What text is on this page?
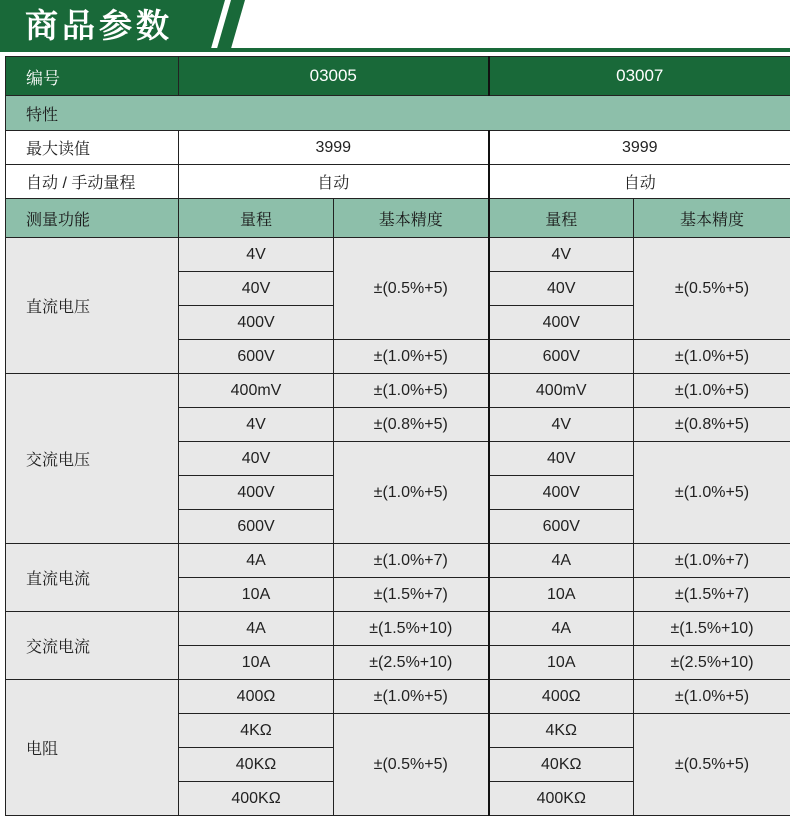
商品参数
编号	03005		03007	
特性				
最大读值	3999		3999	
自动 / 手动量程	自动		自动	
测量功能	量程	基本精度	量程	基本精度
直流电压	4V	±(0.5%+5)	4V	±(0.5%+5)
	40V		40V	
	400V		400V	
	600V	±(1.0%+5)	600V	±(1.0%+5)
交流电压	400mV	±(1.0%+5)	400mV	±(1.0%+5)
	4V	±(0.8%+5)	4V	±(0.8%+5)
	40V	±(1.0%+5)	40V	±(1.0%+5)
	400V		400V	
	600V		600V	
直流电流	4A	±(1.0%+7)	4A	±(1.0%+7)
	10A	±(1.5%+7)	10A	±(1.5%+7)
交流电流	4A	±(1.5%+10)	4A	±(1.5%+10)
	10A	±(2.5%+10)	10A	±(2.5%+10)
电阻	400Ω	±(1.0%+5)	400Ω	±(1.0%+5)
	4KΩ	±(0.5%+5)	4KΩ	±(0.5%+5)
	40KΩ		40KΩ	
	400KΩ		400KΩ	
